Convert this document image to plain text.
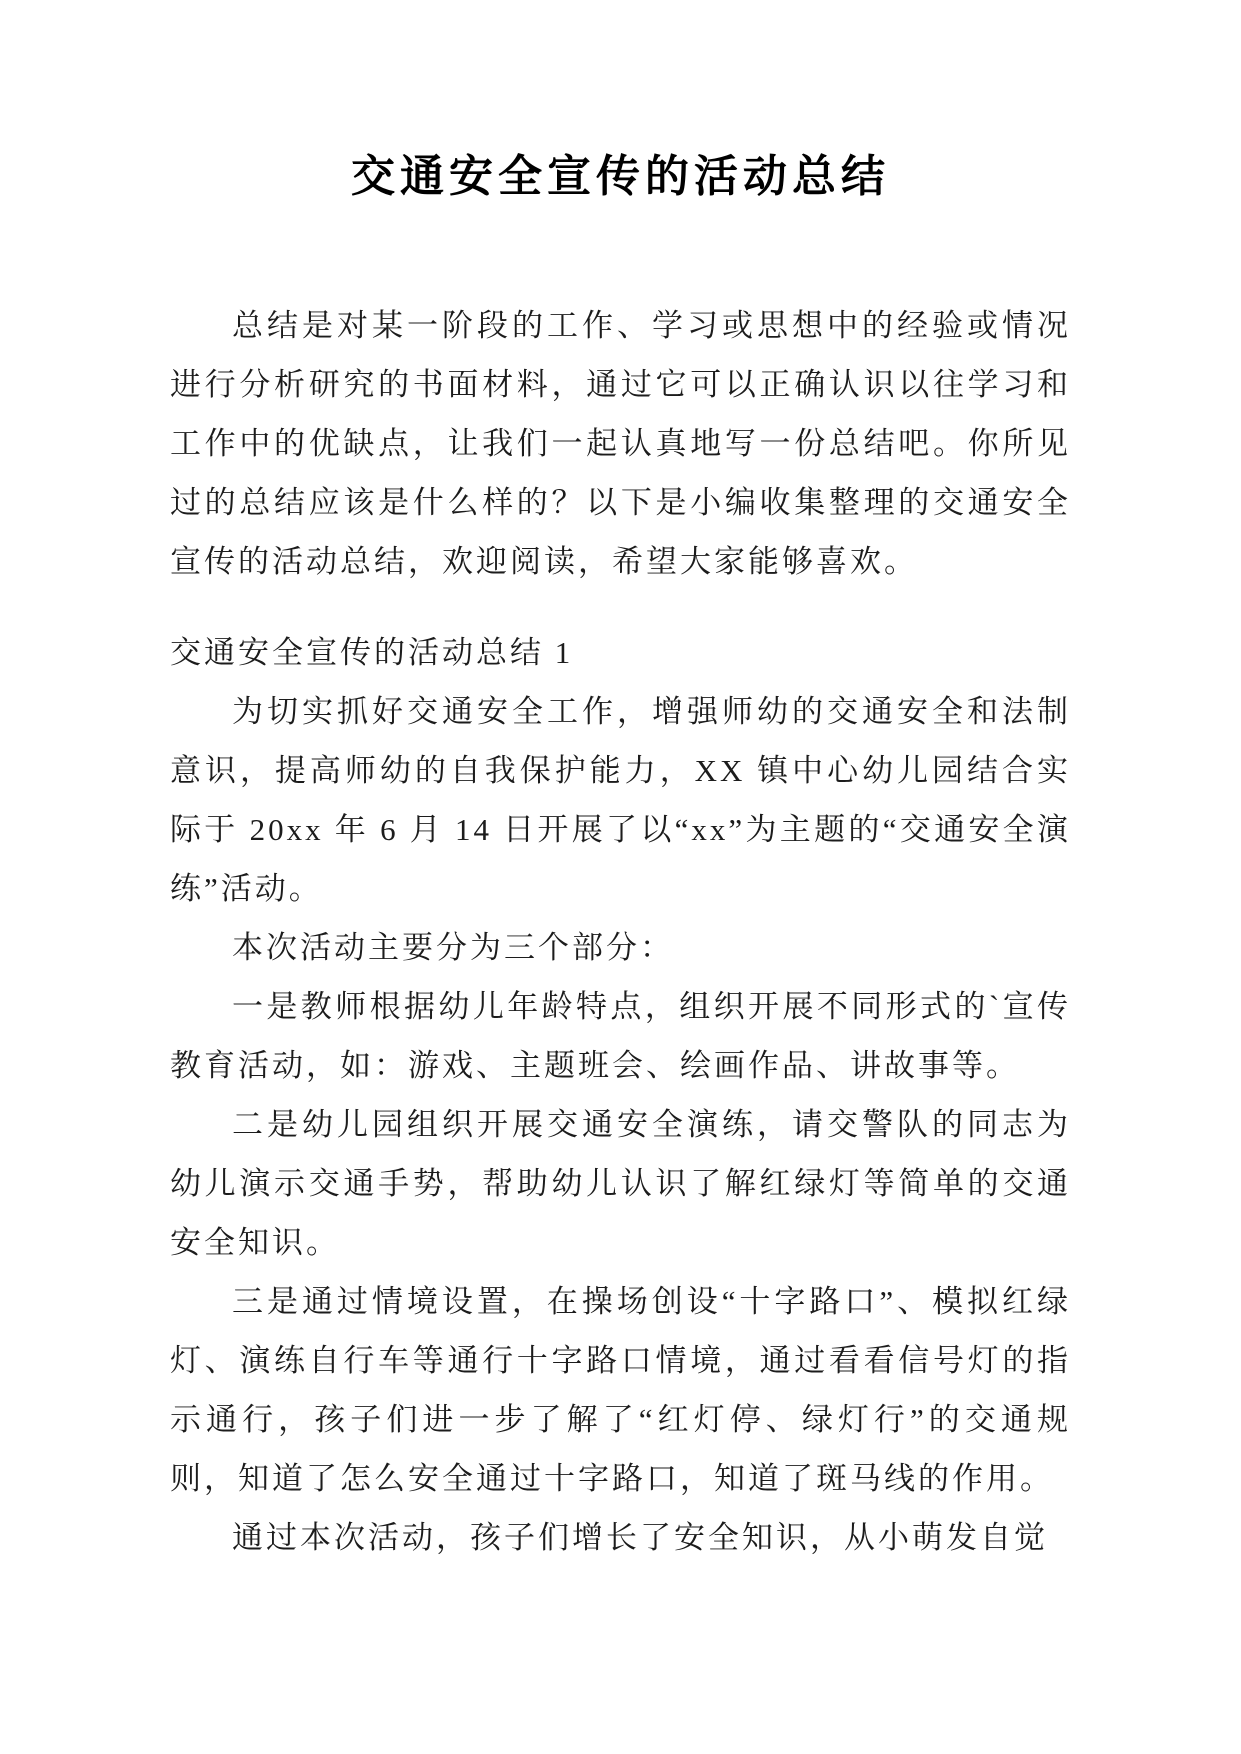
交通安全宣传的活动总结

总结是对某一阶段的工作、学习或思想中的经验或情况进行分析研究的书面材料，通过它可以正确认识以往学习和工作中的优缺点，让我们一起认真地写一份总结吧。你所见过的总结应该是什么样的？以下是小编收集整理的交通安全宣传的活动总结，欢迎阅读，希望大家能够喜欢。

交通安全宣传的活动总结 1

为切实抓好交通安全工作，增强师幼的交通安全和法制意识，提高师幼的自我保护能力，XX 镇中心幼儿园结合实际于 20xx 年 6 月 14 日开展了以“xx”为主题的“交通安全演练”活动。

本次活动主要分为三个部分：

一是教师根据幼儿年龄特点，组织开展不同形式的`宣传教育活动，如：游戏、主题班会、绘画作品、讲故事等。

二是幼儿园组织开展交通安全演练，请交警队的同志为幼儿演示交通手势，帮助幼儿认识了解红绿灯等简单的交通安全知识。

三是通过情境设置，在操场创设“十字路口”、模拟红绿灯、演练自行车等通行十字路口情境，通过看看信号灯的指示通行，孩子们进一步了解了“红灯停、绿灯行”的交通规则，知道了怎么安全通过十字路口，知道了斑马线的作用。

通过本次活动，孩子们增长了安全知识，从小萌发自觉
